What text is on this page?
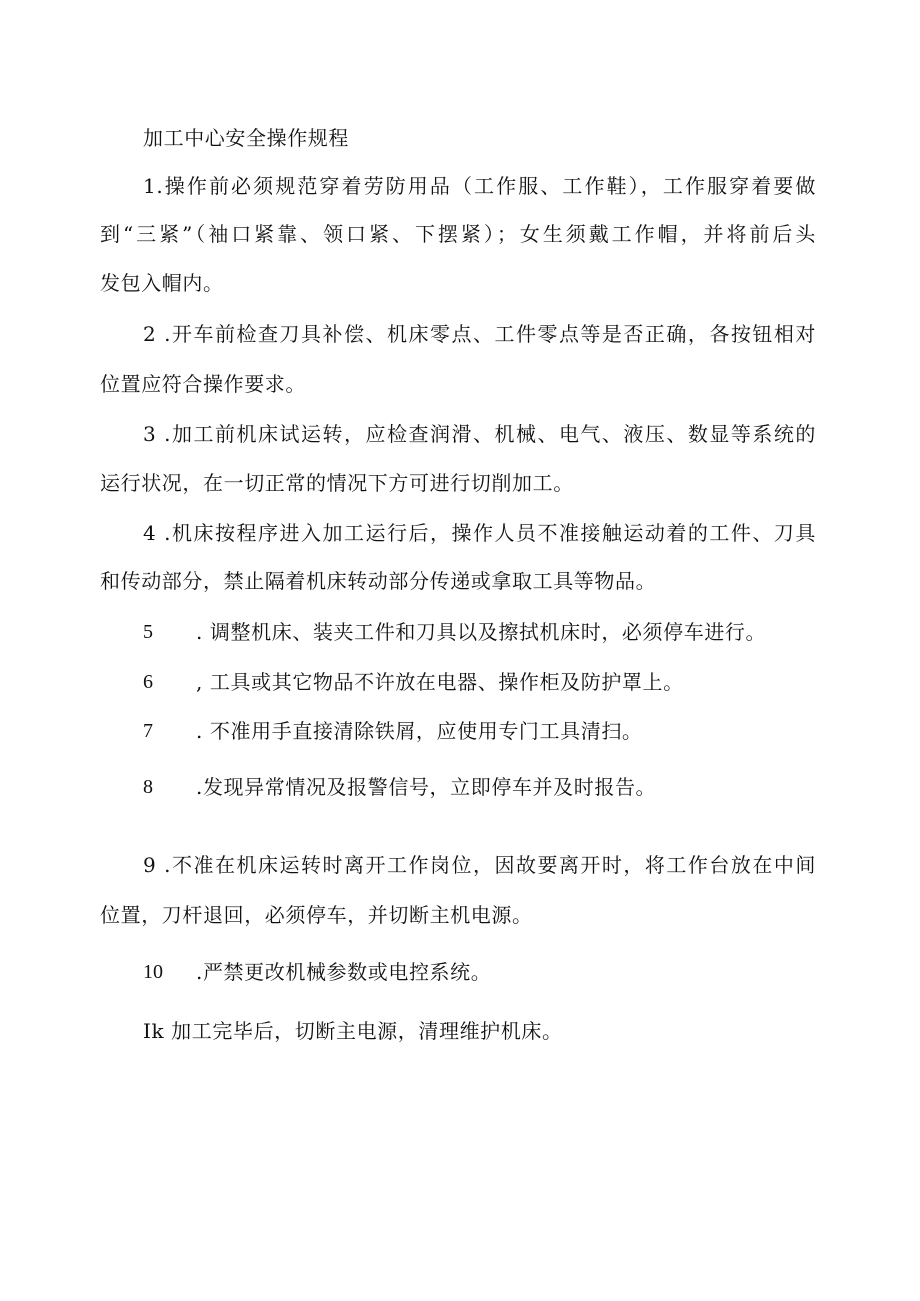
加工中心安全操作规程

1.操作前必须规范穿着劳防用品（工作服、工作鞋），工作服穿着要做

到“三紧”（袖口紧靠、领口紧、下摆紧）；女生须戴工作帽，并将前后头

发包入帽内。

2 .开车前检查刀具补偿、机床零点、工件零点等是否正确，各按钮相对

位置应符合操作要求。

3 .加工前机床试运转，应检查润滑、机械、电气、液压、数显等系统的

运行状况，在一切正常的情况下方可进行切削加工。

4 .机床按程序进入加工运行后，操作人员不准接触运动着的工件、刀具

和传动部分，禁止隔着机床转动部分传递或拿取工具等物品。

5 . 调整机床、装夹工件和刀具以及擦拭机床时，必须停车进行。

6 , 工具或其它物品不许放在电器、操作柜及防护罩上。

7 . 不准用手直接清除铁屑，应使用专门工具清扫。

8 .发现异常情况及报警信号，立即停车并及时报告。

9 .不准在机床运转时离开工作岗位，因故要离开时，将工作台放在中间

位置，刀杆退回，必须停车，并切断主机电源。

10 .严禁更改机械参数或电控系统。

Ik 加工完毕后，切断主电源，清理维护机床。
